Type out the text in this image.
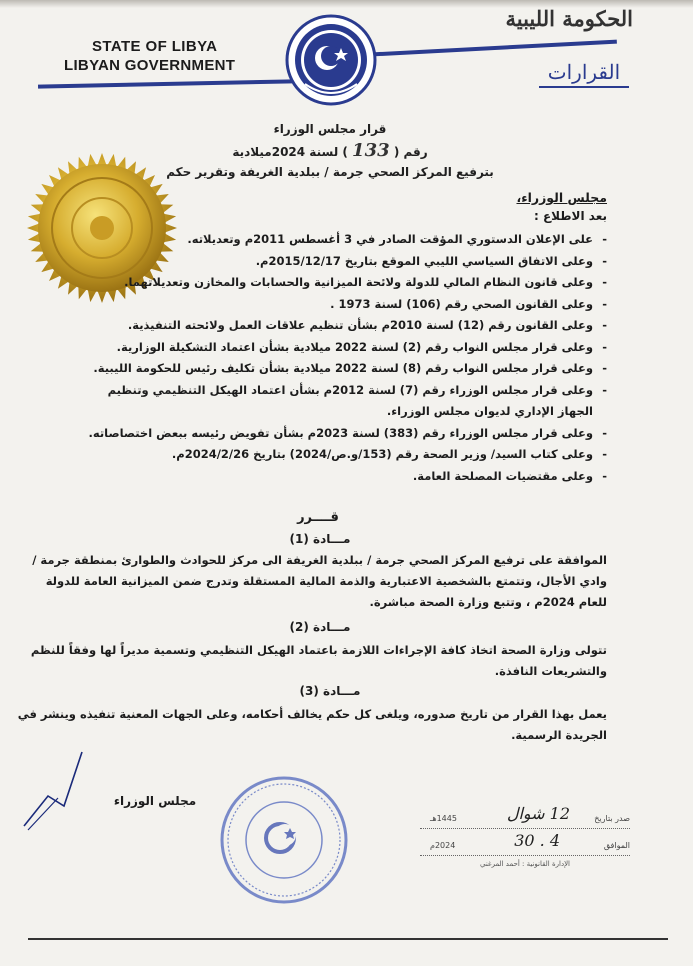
STATE OF LIBYA
LIBYAN GOVERNMENT
الحكومة الليبية
القرارات
قرار مجلس الوزراء
رقم ( 133 ) لسنة 2024ميلادية
بترفيع المركز الصحي جرمة / ببلدية الغريفة وتقرير حكم
مجلس الوزراء،
بعد الاطلاع :
- على الإعلان الدستوري المؤقت الصادر في 3 أغسطس 2011م وتعديلاته.
- وعلى الاتفاق السياسي الليبي الموقع بتاريخ 2015/12/17م.
- وعلى قانون النظام المالي للدولة ولائحة الميزانية والحسابات والمخازن وتعديلاتهما.
- وعلى القانون الصحي رقم (106) لسنة 1973 .
- وعلى القانون رقم (12) لسنة 2010م بشأن تنظيم علاقات العمل ولائحته التنفيذية.
- وعلى قرار مجلس النواب رقم (2) لسنة 2022 ميلادية بشأن اعتماد التشكيلة الوزارية.
- وعلى قرار مجلس النواب رقم (8) لسنة 2022 ميلادية بشأن تكليف رئيس للحكومة الليبية.
- وعلى قرار مجلس الوزراء رقم (7) لسنة 2012م بشأن اعتماد الهيكل التنظيمي وتنظيم الجهاز الإداري لديوان مجلس الوزراء.
- وعلى قرار مجلس الوزراء رقم (383) لسنة 2023م بشأن تفويض رئيسه ببعض اختصاصاته.
- وعلى كتاب السيد/ وزير الصحة رقم (153/و.ص/2024) بتاريخ 2024/2/26م.
- وعلى مقتضيات المصلحة العامة.
قــــرر
مـــادة (1)
الموافقة على ترفيع المركز الصحي جرمة / ببلدية الغريفة الى مركز للحوادث والطوارئ بمنطقة جرمة / وادي الأجال، وتتمتع بالشخصية الاعتبارية والذمة المالية المستقلة وتدرج ضمن الميزانية العامة للدولة للعام 2024م ، وتتبع وزارة الصحة مباشرة.
مـــادة (2)
تتولى وزارة الصحة اتخاذ كافة الإجراءات اللازمة باعتماد الهيكل التنظيمي وتسمية مديراً لها وفقاً للنظم والتشريعات النافذة.
مـــادة (3)
يعمل بهذا القرار من تاريخ صدوره، ويلغى كل حكم يخالف أحكامه، وعلى الجهات المعنية تنفيذه وينشر في الجريدة الرسمية.
مجلس الوزراء
صدر بتاريخ
12 شوال
1445هـ
الموافق
4 . 30
2024م
الإدارة القانونية : أحمد المرغني
